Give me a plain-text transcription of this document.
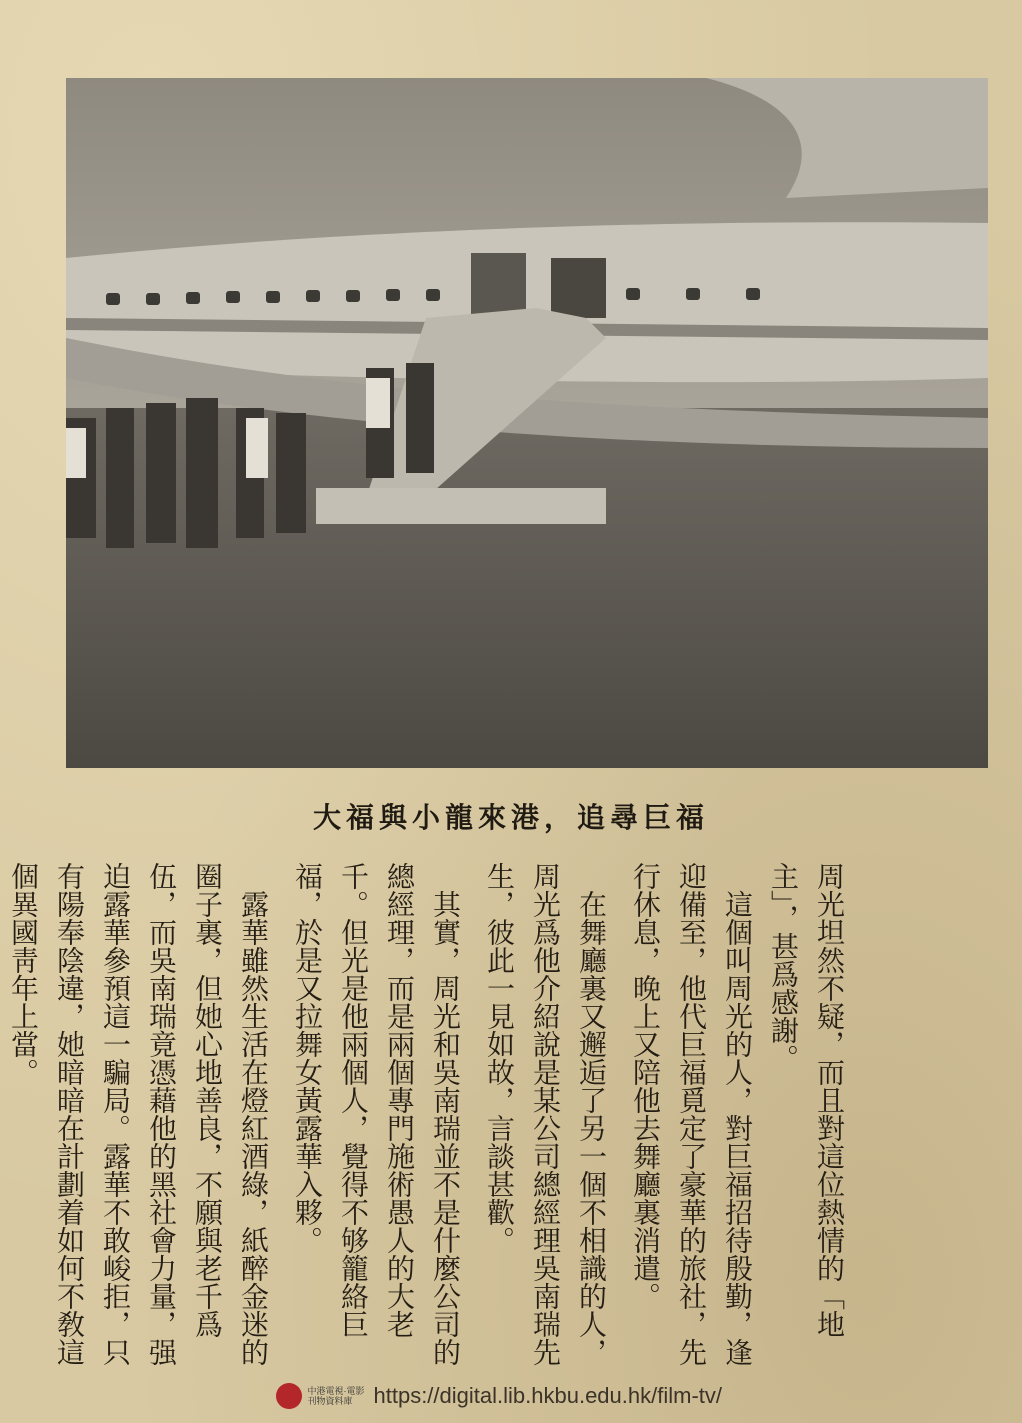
大福與小龍來港，追尋巨福

周光坦然不疑，而且對這位熱情的「地主」，甚爲感謝。

這個叫周光的人，對巨福招待殷勤，逢迎備至，他代巨福覓定了豪華的旅社，先行休息，晚上又陪他去舞廳裏消遣。

在舞廳裏又邂逅了另一個不相識的人，周光爲他介紹說是某公司總經理吳南瑞先生，彼此一見如故，言談甚歡。

其實，周光和吳南瑞並不是什麼公司的總經理，而是兩個專門施術愚人的大老千。但光是他兩個人，覺得不够籠絡巨福，於是又拉舞女黃露華入夥。

露華雖然生活在燈紅酒綠，紙醉金迷的圈子裏，但她心地善良，不願與老千爲伍，而吳南瑞竟憑藉他的黑社會力量，强迫露華參預這一騙局。露華不敢峻拒，只有陽奉陰違，她暗暗在計劃着如何不敎這個異國靑年上當。

中港電視·電影刊物資料庫 https://digital.lib.hkbu.edu.hk/film-tv/
